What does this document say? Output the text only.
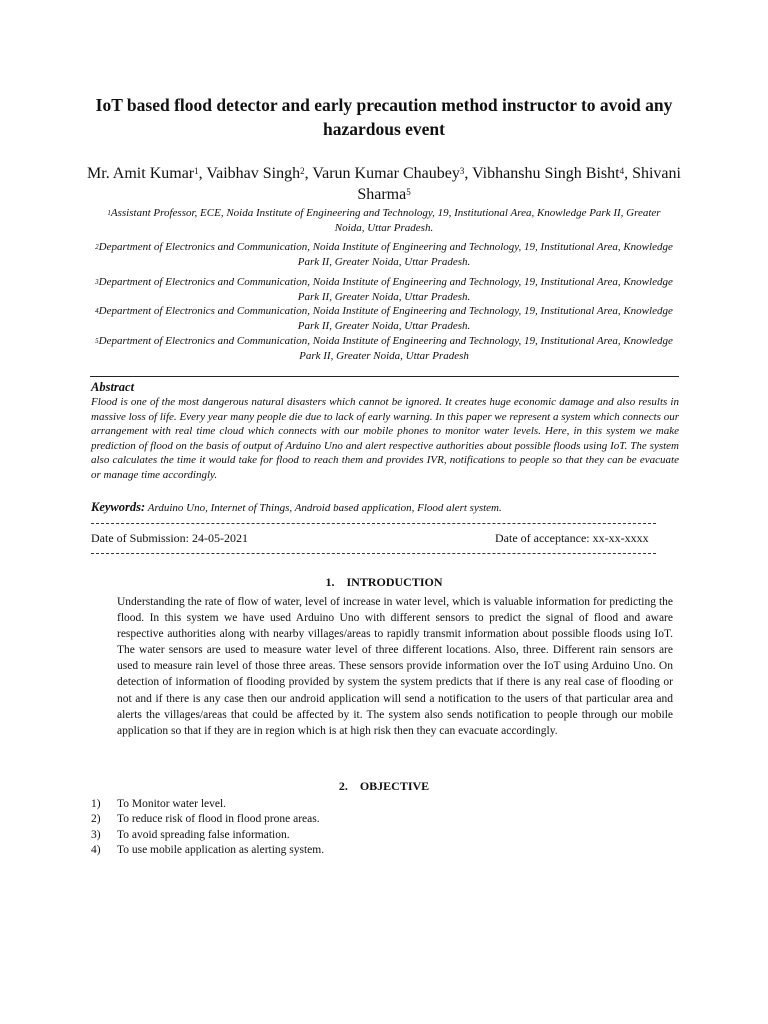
IoT based flood detector and early precaution method instructor to avoid any hazardous event
Mr. Amit Kumar$^1$, Vaibhav Singh$^2$, Varun Kumar Chaubey$^3$, Vibhanshu Singh Bisht$^4$, Shivani Sharma$^5$
$^1$Assistant Professor, ECE, Noida Institute of Engineering and Technology, 19, Institutional Area, Knowledge Park II, Greater Noida, Uttar Pradesh.
$^2$Department of Electronics and Communication, Noida Institute of Engineering and Technology, 19, Institutional Area, Knowledge Park II, Greater Noida, Uttar Pradesh.
$^3$Department of Electronics and Communication, Noida Institute of Engineering and Technology, 19, Institutional Area, Knowledge Park II, Greater Noida, Uttar Pradesh.
$^4$Department of Electronics and Communication, Noida Institute of Engineering and Technology, 19, Institutional Area, Knowledge Park II, Greater Noida, Uttar Pradesh.
$^5$Department of Electronics and Communication, Noida Institute of Engineering and Technology, 19, Institutional Area, Knowledge Park II, Greater Noida, Uttar Pradesh
Abstract
Flood is one of the most dangerous natural disasters which cannot be ignored. It creates huge economic damage and also results in massive loss of life. Every year many people die due to lack of early warning. In this paper we represent a system which connects our arrangement with real time cloud which connects with our mobile phones to monitor water levels. Here, in this system we make prediction of flood on the basis of output of Arduino Uno and alert respective authorities about possible floods using IoT. The system also calculates the time it would take for flood to reach them and provides IVR, notifications to people so that they can be evacuate or manage time accordingly.
Keywords: Arduino Uno, Internet of Things, Android based application, Flood alert system.
Date of Submission: 24-05-2021	Date of acceptance: xx-xx-xxxx
1.    INTRODUCTION
Understanding the rate of flow of water, level of increase in water level, which is valuable information for predicting the flood. In this system we have used Arduino Uno with different sensors to predict the signal of flood and aware respective authorities along with nearby villages/areas to rapidly transmit information about possible floods using IoT. The water sensors are used to measure water level of three different locations. Also, three. Different rain sensors are used to measure rain level of those three areas. These sensors provide information over the IoT using Arduino Uno. On detection of information of flooding provided by system the system predicts that if there is any real case of flooding or not and if there is any case then our android application will send a notification to the users of that particular area and alerts the villages/areas that could be affected by it. The system also sends notification to people through our mobile application so that if they are in region which is at high risk then they can evacuate accordingly.
2.    OBJECTIVE
1)	To Monitor water level.
2)	To reduce risk of flood in flood prone areas.
3)	To avoid spreading false information.
4)	To use mobile application as alerting system.
